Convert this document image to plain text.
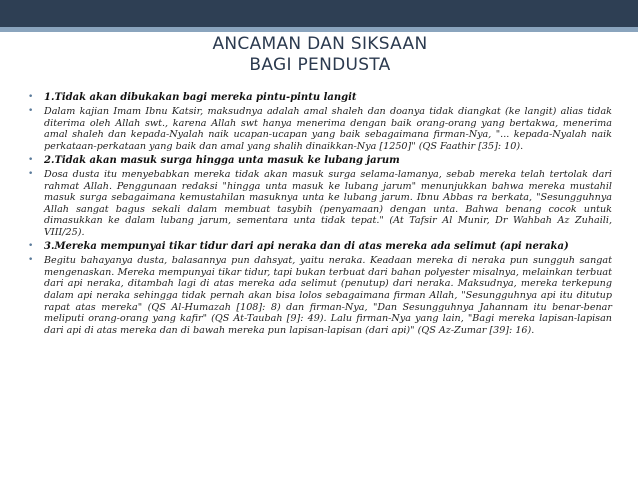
ANCAMAN DAN SIKSAAN
BAGI PENDUSTA
• 1.Tidak akan dibukakan bagi mereka pintu-pintu langit
• Dalam kajian Imam Ibnu Katsir, maksudnya adalah amal shaleh dan doanya tidak diangkat (ke langit) alias tidak diterima oleh Allah swt., karena Allah swt hanya menerima dengan baik orang-orang yang bertakwa, menerima amal shaleh dan kepada-Nyalah naik ucapan-ucapan yang baik sebagaimana firman-Nya, "... kepada-Nyalah naik perkataan-perkataan yang baik dan amal yang shalih dinaikkan-Nya [1250]" (QS Faathir [35]: 10).
• 2.Tidak akan masuk surga hingga unta masuk ke lubang jarum
• Dosa dusta itu menyebabkan mereka tidak akan masuk surga selama-lamanya, sebab mereka telah tertolak dari rahmat Allah. Penggunaan redaksi "hingga unta masuk ke lubang jarum" menunjukkan bahwa mereka mustahil masuk surga sebagaimana kemustahilan masuknya unta ke lubang jarum. Ibnu Abbas ra berkata, "Sesungguhnya Allah sangat bagus sekali dalam membuat tasybih (penyamaan) dengan unta. Bahwa benang cocok untuk dimasukkan ke dalam lubang jarum, sementara unta tidak tepat." (At Tafsir Al Munir, Dr Wahbah Az Zuhaili, VIII/25).
• 3.Mereka mempunyai tikar tidur dari api neraka dan di atas mereka ada selimut (api neraka)
• Begitu bahayanya dusta, balasannya pun dahsyat, yaitu neraka. Keadaan mereka di neraka pun sungguh sangat mengenaskan. Mereka mempunyai tikar tidur, tapi bukan terbuat dari bahan polyester misalnya, melainkan terbuat dari api neraka, ditambah lagi di atas mereka ada selimut (penutup) dari neraka. Maksudnya, mereka terkepung dalam api neraka sehingga tidak pernah akan bisa lolos sebagaimana firman Allah, "Sesungguhnya api itu ditutup rapat atas mereka" (QS Al-Humazah [108]: 8) dan firman-Nya, "Dan Sesungguhnya Jahannam itu benar-benar meliputi orang-orang yang kafir" (QS At-Taubah [9]: 49). Lalu firman-Nya yang lain, "Bagi mereka lapisan-lapisan dari api di atas mereka dan di bawah mereka pun lapisan-lapisan (dari api)" (QS Az-Zumar [39]: 16).
